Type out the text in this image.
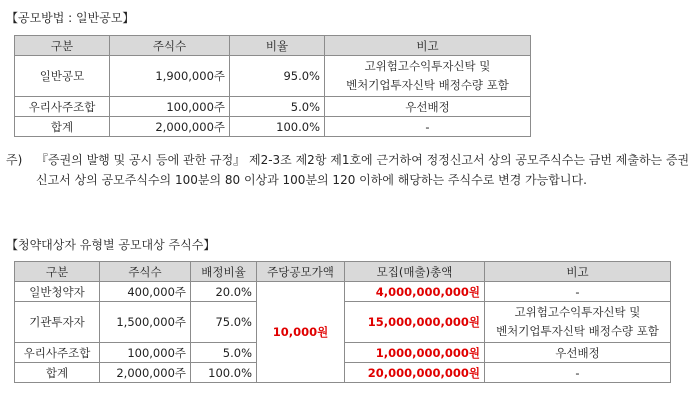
【공모방법 : 일반공모】
구분	주식수	비율	비고
일반공모	1,900,000주	95.0%	고위험고수익투자신탁 및
벤처기업투자신탁 배정수량 포함

우리사주조합	100,000주	5.0%	우선배정
합계	2,000,000주	100.0%	-
주) 『증권의 발행 및 공시 등에 관한 규정』 제2-3조 제2항 제1호에 근거하여 정정신고서 상의 공모주식수는 금번 제출하는 증권신고서 상의 공모주식수의 100분의 80 이상과 100분의 120 이하에 해당하는 주식수로 변경 가능합니다.
【청약대상자 유형별 공모대상 주식수】
구분	주식수	배정비율	주당공모가액	모집(매출)총액	비고
일반청약자	400,000주	20.0%	10,000원	4,000,000,000원	-
기관투자자	1,500,000주	75.0%		15,000,000,000원	고위험고수익투자신탁 및
벤처기업투자신탁 배정수량 포함

우리사주조합	100,000주	5.0%		1,000,000,000원	우선배정
합계	2,000,000주	100.0%		20,000,000,000원	-
